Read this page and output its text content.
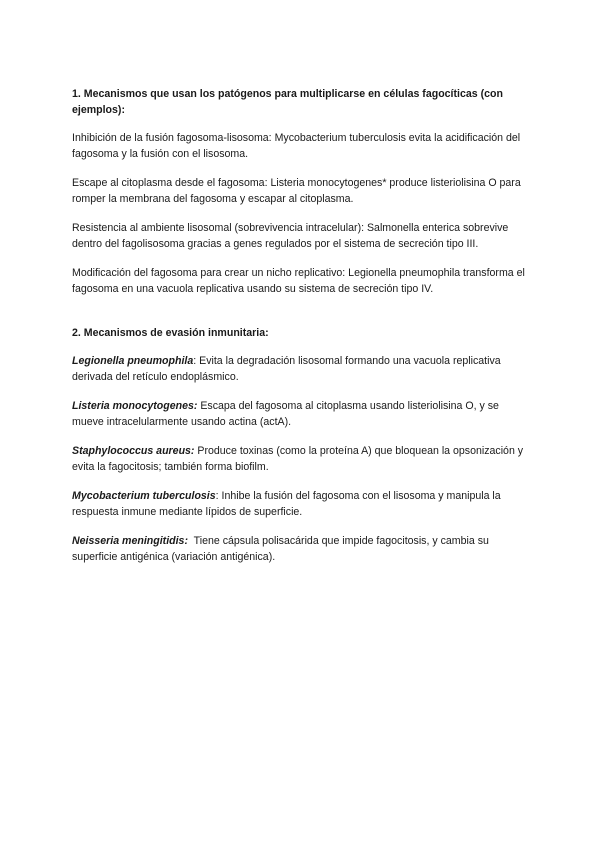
1. Mecanismos que usan los patógenos para multiplicarse en células fagocíticas (con ejemplos):

Inhibición de la fusión fagosoma-lisosoma: Mycobacterium tuberculosis evita la acidificación del fagosoma y la fusión con el lisosoma.

Escape al citoplasma desde el fagosoma: Listeria monocytogenes* produce listeriolisina O para romper la membrana del fagosoma y escapar al citoplasma.

Resistencia al ambiente lisosomal (sobrevivencia intracelular): Salmonella enterica sobrevive dentro del fagolisosoma gracias a genes regulados por el sistema de secreción tipo III.

Modificación del fagosoma para crear un nicho replicativo: Legionella pneumophila transforma el fagosoma en una vacuola replicativa usando su sistema de secreción tipo IV.

2. Mecanismos de evasión inmunitaria:

Legionella pneumophila: Evita la degradación lisosomal formando una vacuola replicativa derivada del retículo endoplásmico.

Listeria monocytogenes: Escapa del fagosoma al citoplasma usando listeriolisina O, y se mueve intracelularmente usando actina (actA).

Staphylococcus aureus: Produce toxinas (como la proteína A) que bloquean la opsonización y evita la fagocitosis; también forma biofilm.

Mycobacterium tuberculosis: Inhibe la fusión del fagosoma con el lisosoma y manipula la respuesta inmune mediante lípidos de superficie.

Neisseria meningitidis:  Tiene cápsula polisacárida que impide fagocitosis, y cambia su superficie antigénica (variación antigénica).
